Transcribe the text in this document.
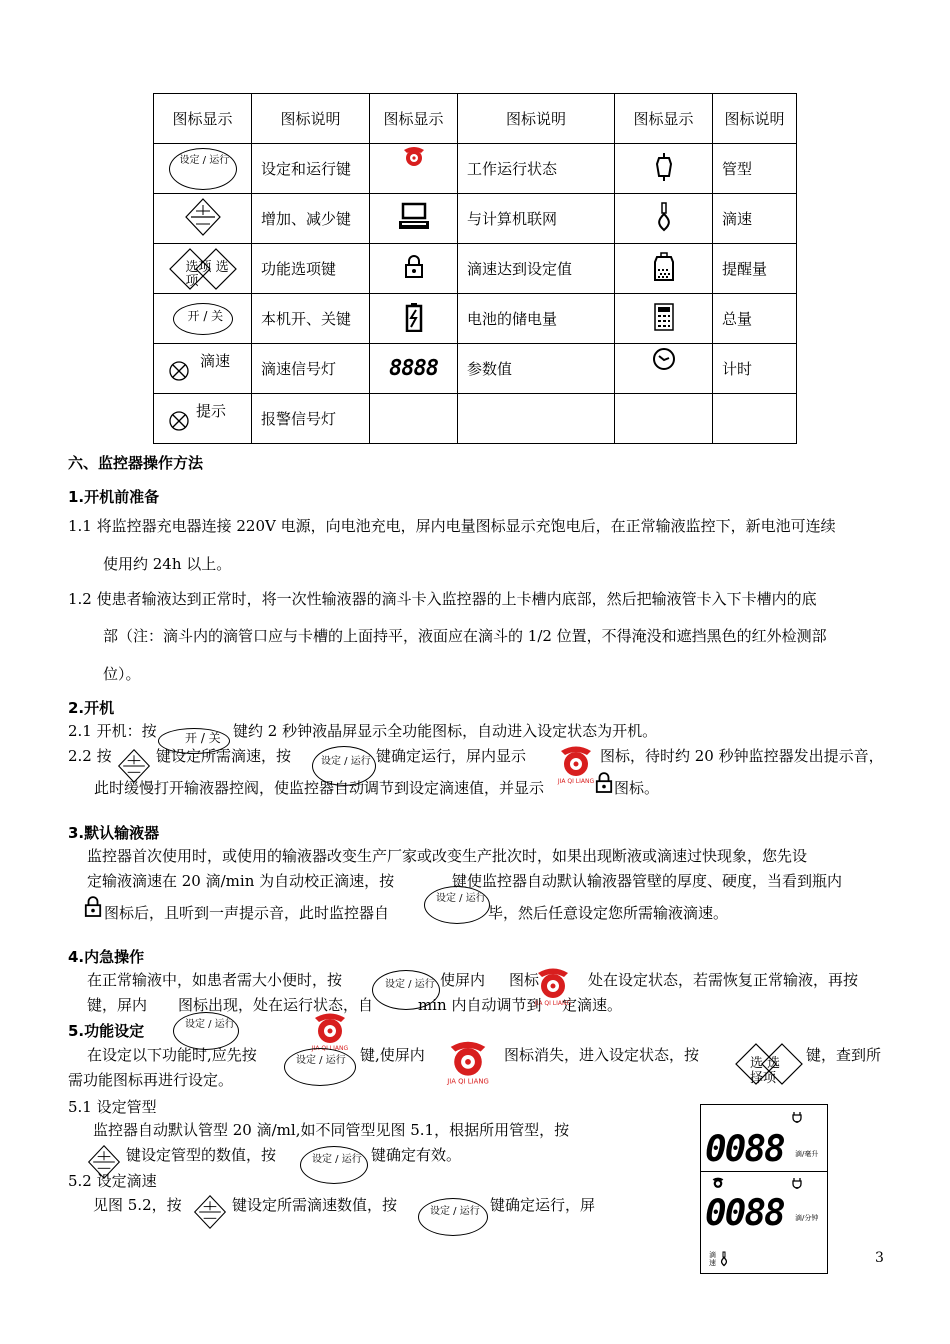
图标显示	图标说明	图标显示	图标说明	图标显示	图标说明

设定 / 运行	设定和运行键		工作运行状态		管型
	增加、减少键		与计算机联网		滴速

选项 选项	功能选项键		滴速达到设定值		提醒量

开 / 关	本机开、关键		电池的储电量		总量

滴速	滴速信号灯	8888	参数值		计时

提示	报警信号灯				
六、监控器操作方法
1.开机前准备
1.1 将监控器充电器连接 220V 电源，向电池充电，屏内电量图标显示充饱电后，在正常输液监控下，新电池可连续
使用约 24h 以上。
1.2 使患者输液达到正常时，将一次性输液器的滴斗卡入监控器的上卡槽内底部，然后把输液管卡入下卡槽内的底
部（注：滴斗内的滴管口应与卡槽的上面持平，液面应在滴斗的 1/2 位置，不得淹没和遮挡黑色的红外检测部
位）。
2.开机
2.1 开机：按	开 / 关 键约 2 秒钟液晶屏显示全功能图标，自动进入设定状态为开机。
2.2 按	键设定所需滴速，按	设定 / 运行 键确定运行，屏内显示
JIA QI LIANG
图标，待时约 20 秒钟监控器发出提示音，
此时缓慢打开输液器控阀，使监控器自动调节到设定滴速值，并显示	图标。
3.默认输液器
监控器首次使用时，或使用的输液器改变生产厂家或改变生产批次时，如果出现断液或滴速过快现象，您先设
定输液滴速在 20 滴/min 为自动校正滴速，按	键使监控器自动默认输液器管壁的厚度、硬度，当看到瓶内
图标后，且听到一声提示音，此时监控器自
设定 / 运行
毕，然后任意设定您所需输液滴速。
4.内急操作
在正常输液中，如患者需大小便时，按	设定 / 运行 使屏内 图标
JIA QI LIANG
处在设定状态，若需恢复正常输液，再按
键，屏内 图标出现，处在运行状态，自	min 内自动调节到 定滴速。
5.功能设定	设定 / 运行
JIA QI LIANG
在设定以下功能时,应先按	设定 / 运行 键,使屏内
JIA QI LIANG
图标消失，进入设定状态，按	选 选 择项
键，查到所
需功能图标再进行设定。
5.1 设定管型
监控器自动默认管型 20 滴/ml,如不同管型见图 5.1，根据所用管型，按
键设定管型的数值，按	设定 / 运行 键确定有效。
5.2 设定滴速
见图 5.2，按	键设定所需滴速数值，按	设定 / 运行 键确定运行，屏
0088 滴/毫升
0088 滴/分钟
滴 速	3
